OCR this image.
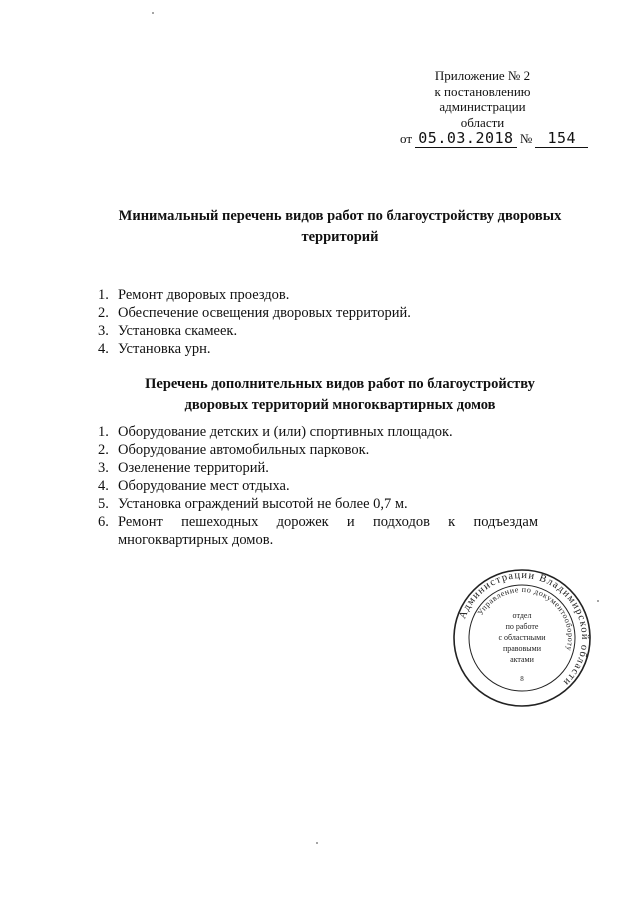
Приложение № 2
к постановлению
администрации
области
от 05.03.2018 № 154
Минимальный перечень видов работ по благоустройству дворовых
территорий
1. Ремонт дворовых проездов.
2. Обеспечение освещения дворовых территорий.
3. Установка скамеек.
4. Установка урн.
Перечень дополнительных видов работ по благоустройству
дворовых территорий многоквартирных домов
1. Оборудование детских и (или) спортивных площадок.
2. Оборудование автомобильных парковок.
3. Озеленение территорий.
4. Оборудование мест отдыха.
5. Установка ограждений высотой не более 0,7 м.
6. Ремонт пешеходных дорожек и подходов к подъездам многоквартирных домов.
Администрации Владимирской области
Управление по документообороту
отдел
по работе
с областными
правовыми
актами
8
